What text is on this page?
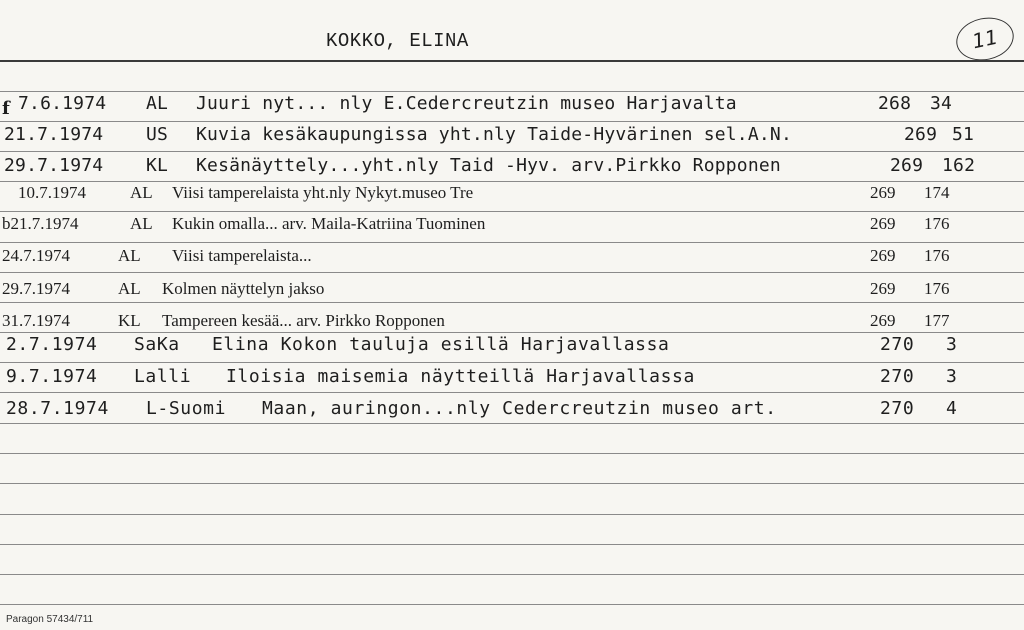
KOKKO, ELINA	11
f 7.6.1974 AL Juuri nyt... nly E.Cedercreutzin museo Harjavalta	268 34
21.7.1974 US Kuvia kesäkaupungissa yht.nly Taide-Hyvärinen sel.A.N.	269 51
29.7.1974 KL Kesänäyttely...yht.nly Taid -Hyv. arv.Pirkko Ropponen	269 162
10.7.1974	AL Viisi tamperelaista yht.nly Nykyt.museo Tre	269 174
b21.7.1974	AL Kukin omalla... arv. Maila-Katriina Tuominen	269 176
24.7.1974	AL Viisi tamperelaista...	269 176
29.7.1974	AL Kolmen näyttelyn jakso	269 176
31.7.1974	KL Tampereen kesää... arv. Pirkko Ropponen	269 177
2.7.1974 SaKa Elina Kokon tauluja esillä Harjavallassa	270 3
9.7.1974 Lalli Iloisia maisemia näytteillä Harjavallassa	270 3
28.7.1974 L-Suomi Maan, auringon...nly Cedercreutzin museo art.	270 4
Paragon 57434/711
